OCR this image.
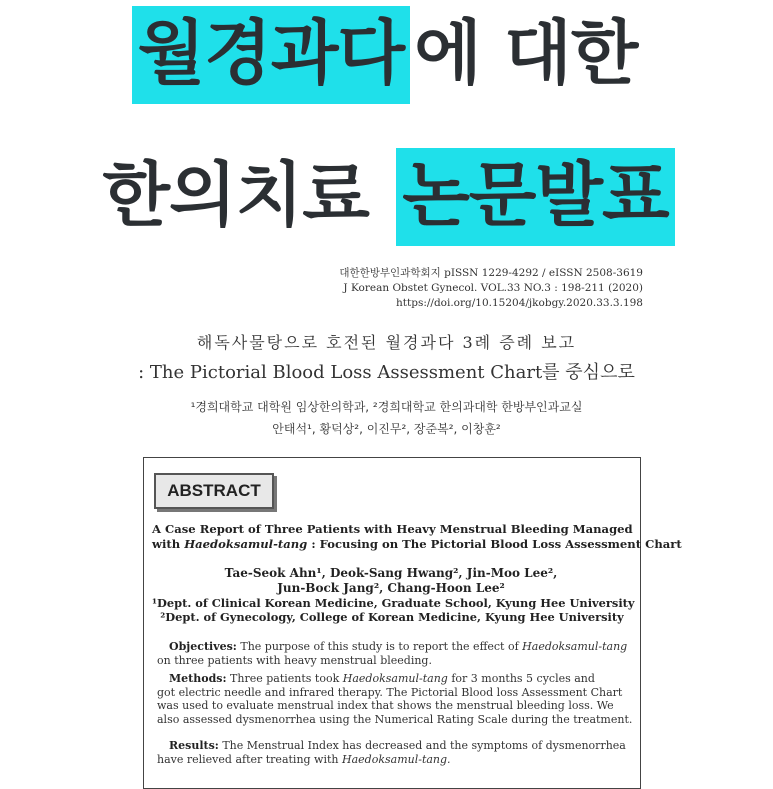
월경과다 에 대한
한의치료 논문발표
대한한방부인과학회지 pISSN 1229-4292 / eISSN 2508-3619
J Korean Obstet Gynecol. VOL.33 NO.3 : 198-211 (2020)
https://doi.org/10.15204/jkobgy.2020.33.3.198
해독사물탕으로 호전된 월경과다 3례 증례 보고
: The Pictorial Blood Loss Assessment Chart를 중심으로
¹경희대학교 대학원 임상한의학과, ²경희대학교 한의과대학 한방부인과교실
안태석¹, 황덕상², 이진무², 장준복², 이창훈²
ABSTRACT
A Case Report of Three Patients with Heavy Menstrual Bleeding Managed
with Haedoksamul-tang : Focusing on The Pictorial Blood Loss Assessment Chart
Tae-Seok Ahn¹, Deok-Sang Hwang², Jin-Moo Lee²,
Jun-Bock Jang², Chang-Hoon Lee²
¹Dept. of Clinical Korean Medicine, Graduate School, Kyung Hee University
²Dept. of Gynecology, College of Korean Medicine, Kyung Hee University
Objectives: The purpose of this study is to report the effect of Haedoksamul-tang
on three patients with heavy menstrual bleeding.
Methods: Three patients took Haedoksamul-tang for 3 months 5 cycles and
got electric needle and infrared therapy. The Pictorial Blood loss Assessment Chart
was used to evaluate menstrual index that shows the menstrual bleeding loss. We
also assessed dysmenorrhea using the Numerical Rating Scale during the treatment.
Results: The Menstrual Index has decreased and the symptoms of dysmenorrhea
have relieved after treating with Haedoksamul-tang.
